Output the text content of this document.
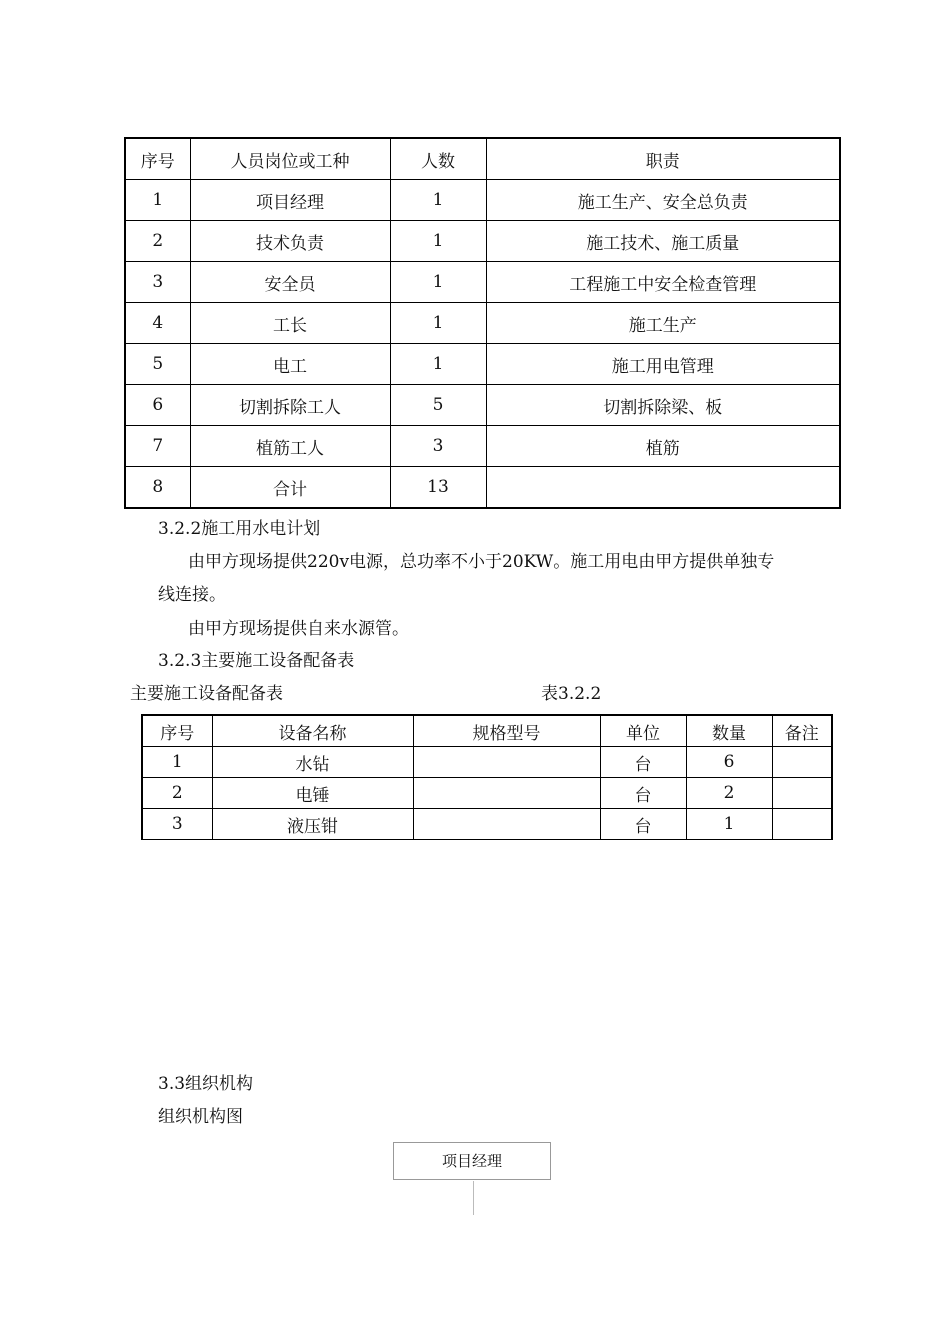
序号	人员岗位或工种	人数	职责
1	项目经理	1	施工生产、安全总负责
2	技术负责	1	施工技术、施工质量
3	安全员	1	工程施工中安全检查管理
4	工长	1	施工生产
5	电工	1	施工用电管理
6	切割拆除工人	5	切割拆除梁、板
7	植筋工人	3	植筋
8	合计	13	
3.2.2施工用水电计划
由甲方现场提供220v电源，总功率不小于20KW。施工用电由甲方提供单独专
线连接。
由甲方现场提供自来水源管。
3.2.3主要施工设备配备表
主要施工设备配备表	表3.2.2
序号	设备名称	规格型号	单位	数量	备注
1	水钻		台	6	
2	电锤		台	2	
3	液压钳		台	1	
3.3组织机构
组织机构图
项目经理
